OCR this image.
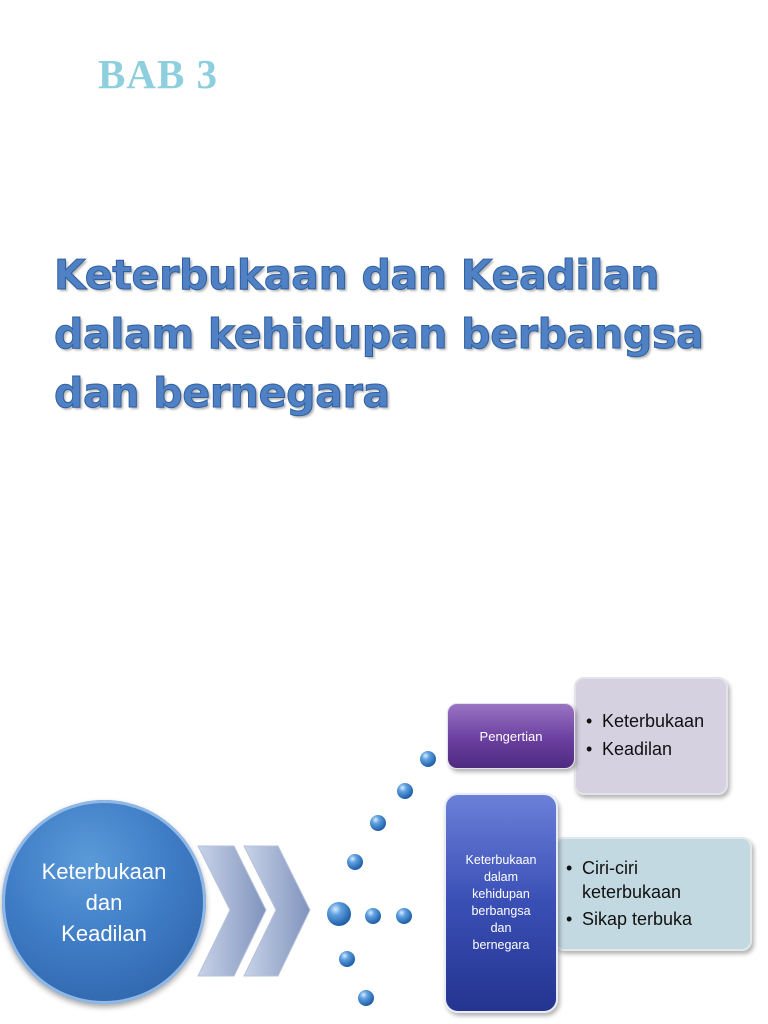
BAB 3
Keterbukaan dan Keadilan
dalam kehidupan berbangsa
dan bernegara
Keterbukaan
dan
Keadilan
• Keterbukaan
• Keadilan
Pengertian
• Ciri-ciri keterbukaan
• Sikap terbuka
Keterbukaan
dalam
kehidupan
berbangsa
dan
bernegara
